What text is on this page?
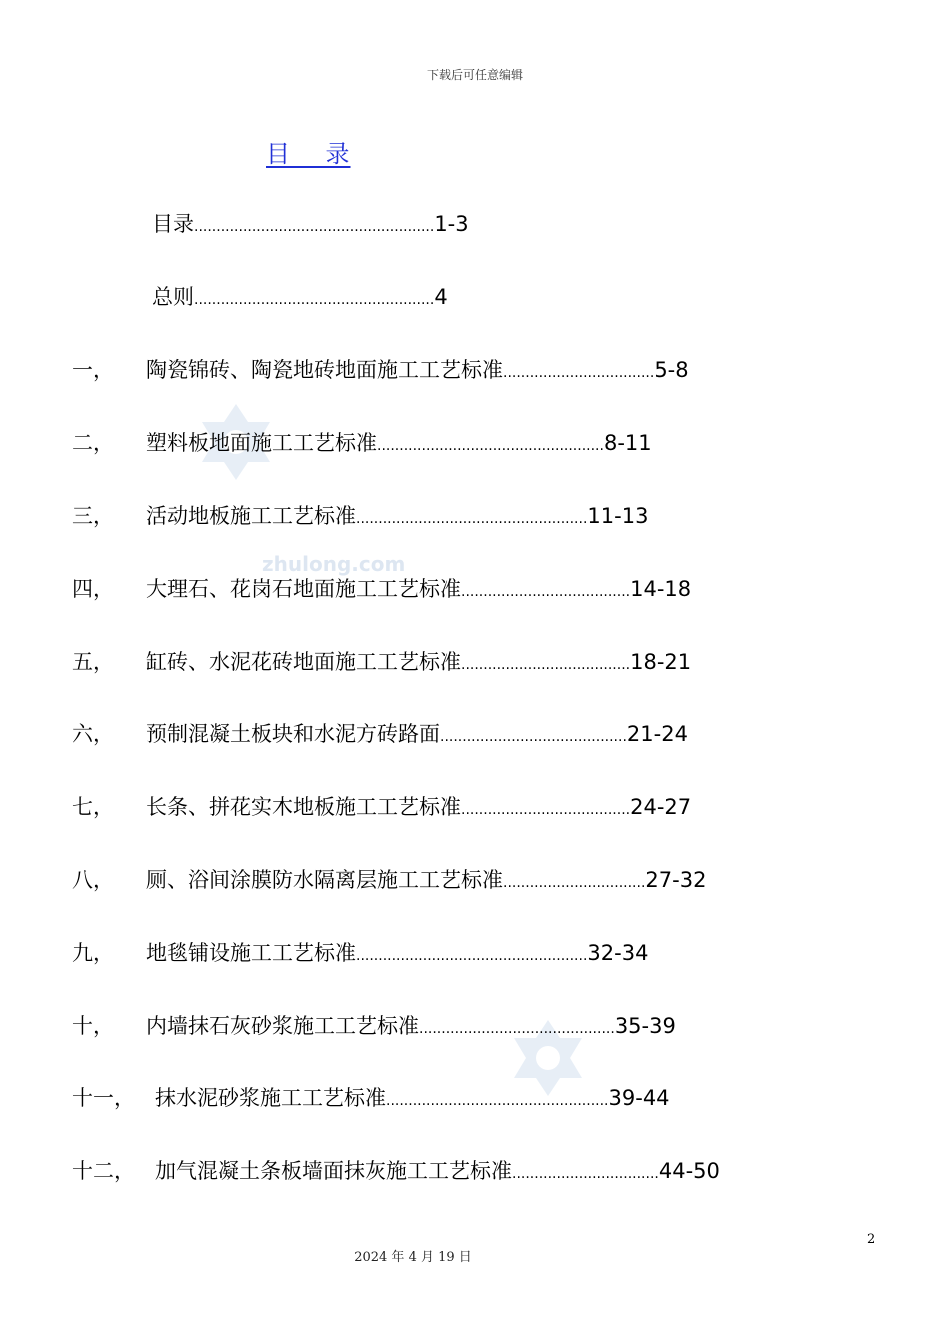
下载后可任意编辑
目    录
zhulong.com
目录......................................................1-3
总则......................................................4
一， 陶瓷锦砖、陶瓷地砖地面施工工艺标准..................................5-8
二， 塑料板地面施工工艺标准...................................................8-11
三， 活动地板施工工艺标准....................................................11-13
四， 大理石、花岗石地面施工工艺标准......................................14-18
五， 缸砖、水泥花砖地面施工工艺标准......................................18-21
六， 预制混凝土板块和水泥方砖路面..........................................21-24
七， 长条、拼花实木地板施工工艺标准......................................24-27
八， 厕、浴间涂膜防水隔离层施工工艺标准................................27-32
九， 地毯铺设施工工艺标准....................................................32-34
十， 内墙抹石灰砂浆施工工艺标准............................................35-39
十一， 抹水泥砂浆施工工艺标准..................................................39-44
十二， 加气混凝土条板墙面抹灰施工工艺标准.................................44-50
2
2024 年 4 月 19 日
